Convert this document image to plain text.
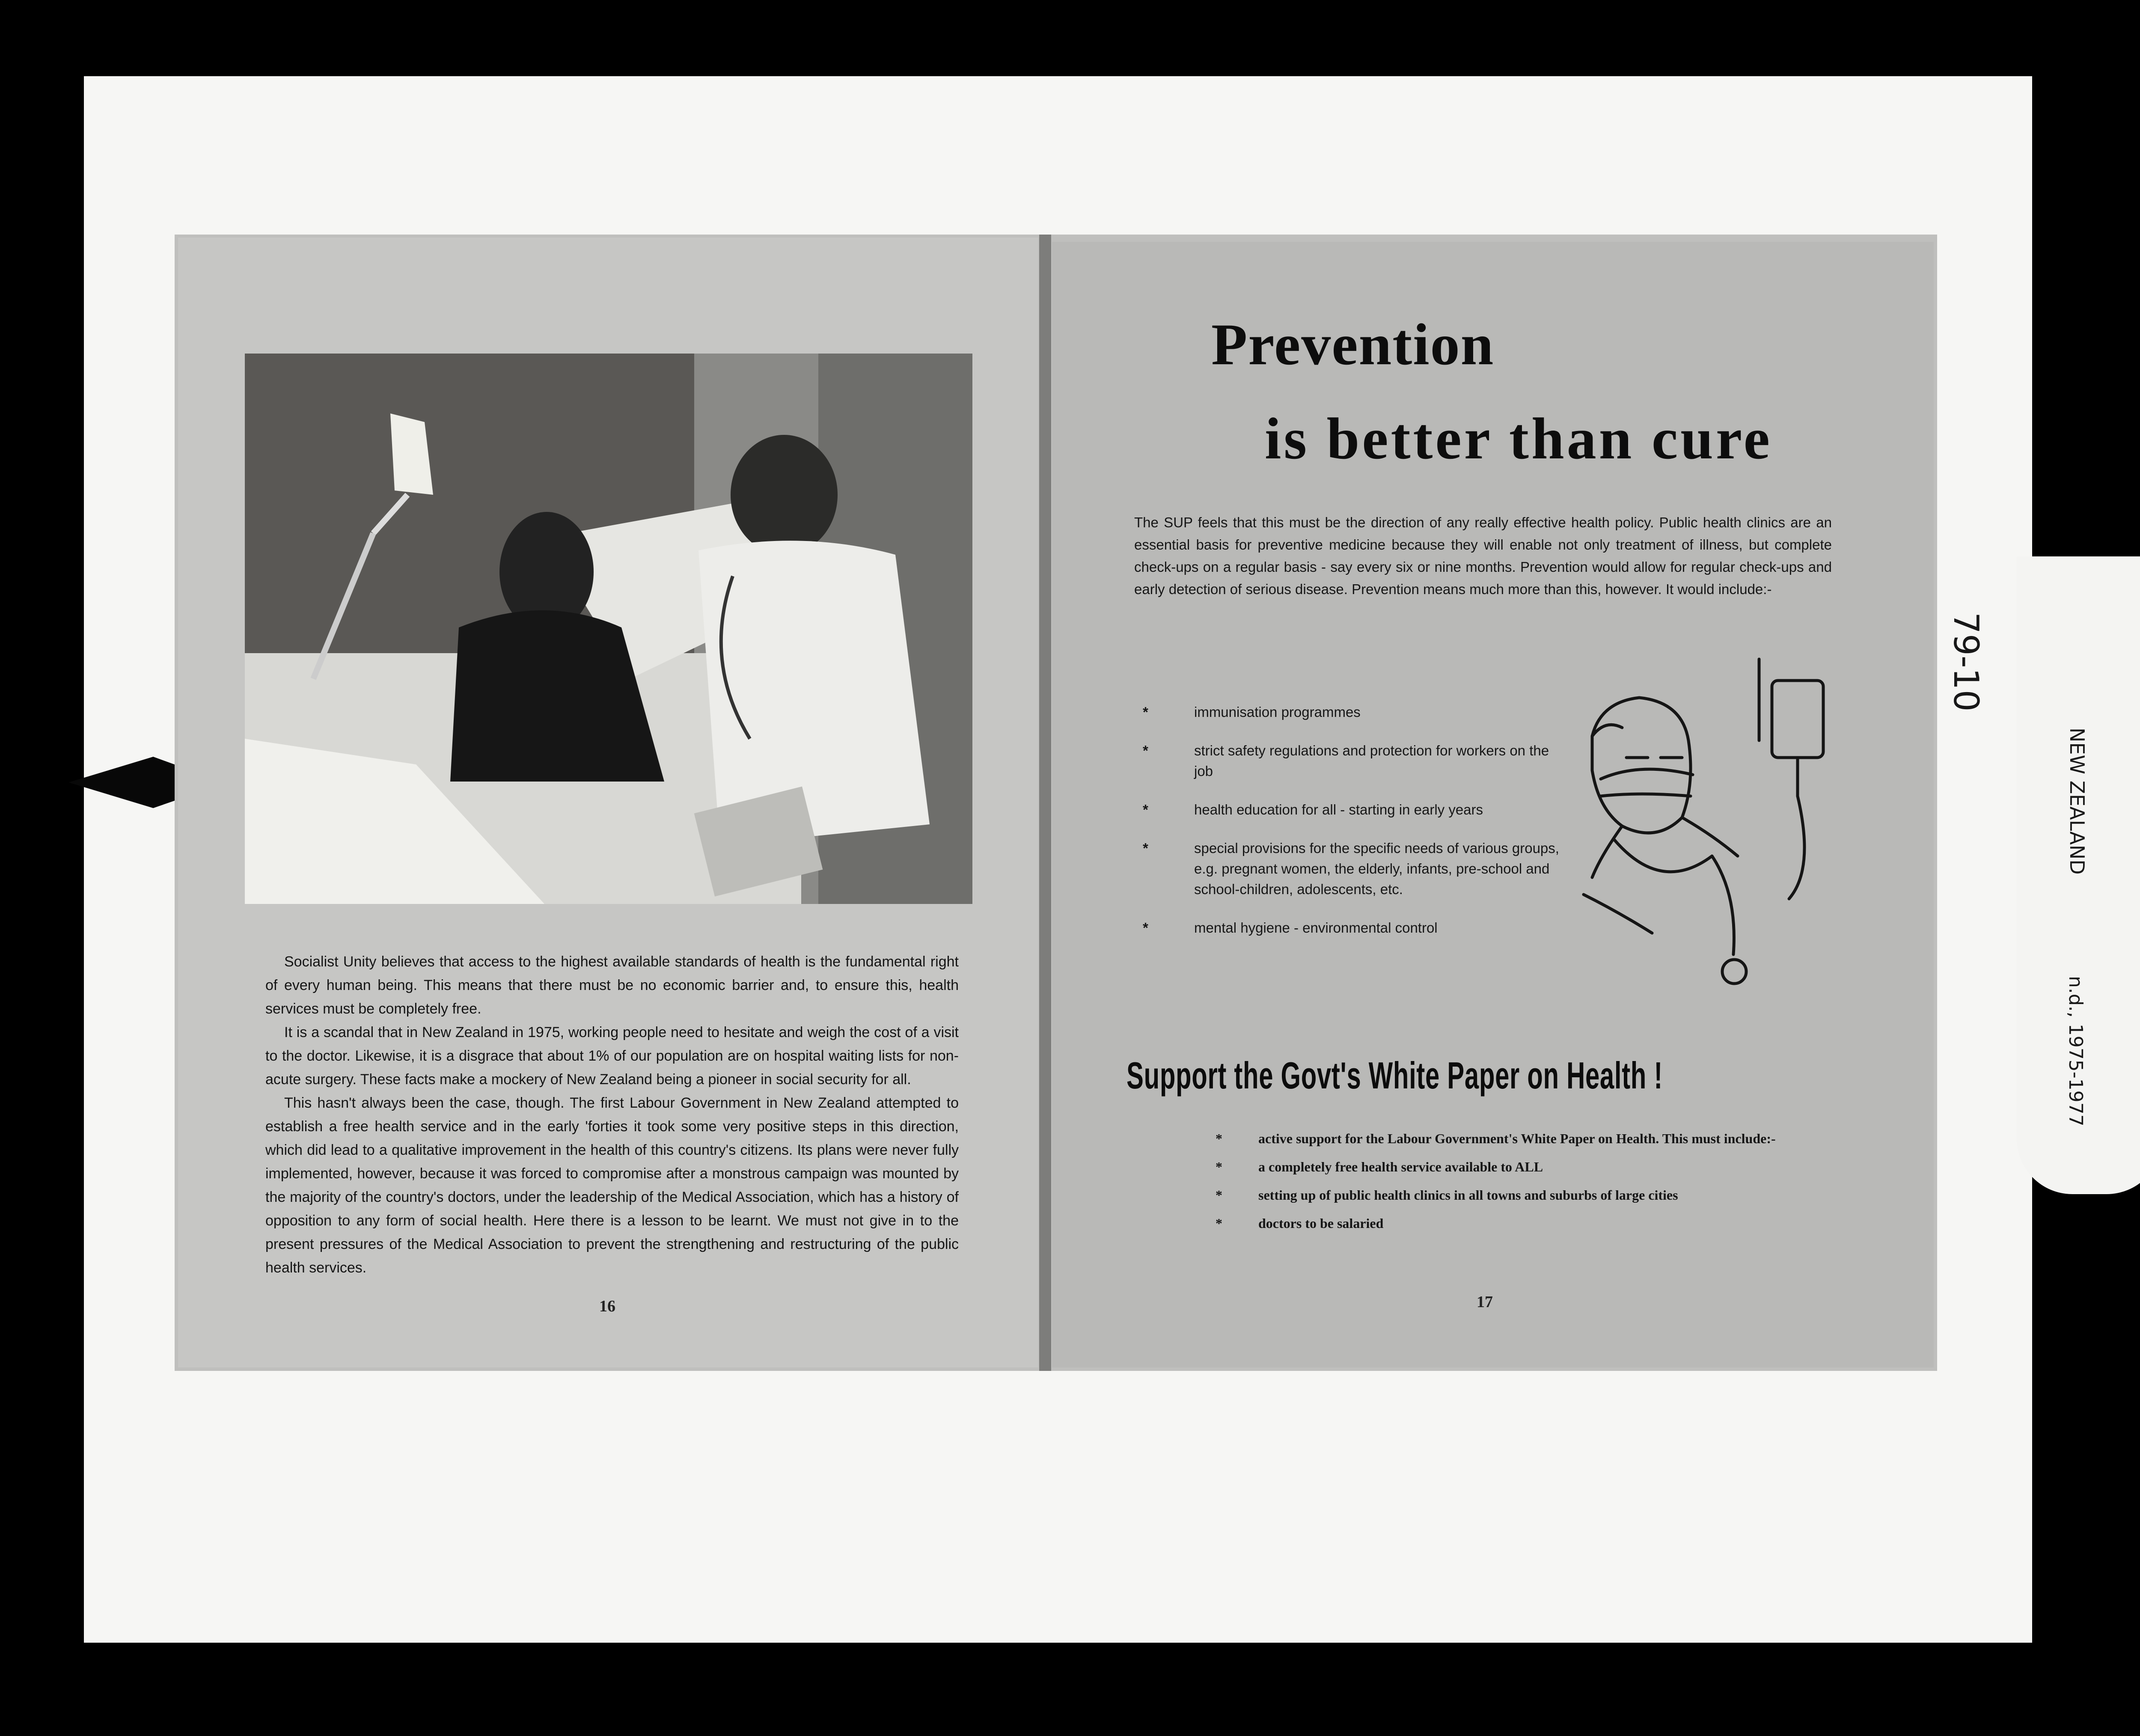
Socialist Unity believes that access to the highest available standards of health is the fundamental right of every human being. This means that there must be no economic barrier and, to ensure this, health services must be completely free.

It is a scandal that in New Zealand in 1975, working people need to hesitate and weigh the cost of a visit to the doctor. Likewise, it is a disgrace that about 1% of our population are on hospital waiting lists for non-acute surgery. These facts make a mockery of New Zealand being a pioneer in social security for all.

This hasn't always been the case, though. The first Labour Government in New Zealand attempted to establish a free health service and in the early 'forties it took some very positive steps in this direction, which did lead to a qualitative improvement in the health of this country's citizens. Its plans were never fully implemented, however, because it was forced to compromise after a monstrous campaign was mounted by the majority of the country's doctors, under the leadership of the Medical Association, which has a history of opposition to any form of social health. Here there is a lesson to be learnt. We must not give in to the present pressures of the Medical Association to prevent the strengthening and restructuring of the public health services.

16
Prevention
is better than cure
The SUP feels that this must be the direction of any really effective health policy. Public health clinics are an essential basis for preventive medicine because they will enable not only treatment of illness, but complete check-ups on a regular basis - say every six or nine months. Prevention would allow for regular check-ups and early detection of serious disease. Prevention means much more than this, however. It would include:-
*	immunisation programmes
*	strict safety regulations and protection for workers on the job
*	health education for all - starting in early years
*	special provisions for the specific needs of various groups, e.g. pregnant women, the elderly, infants, pre-school and school-children, adolescents, etc.
*	mental hygiene - environmental control
Support the Govt's White Paper on Health !
*	active support for the Labour Government's White Paper on Health. This must include:-
*	a completely free health service available to ALL
*	setting up of public health clinics in all towns and suburbs of large cities
*	doctors to be salaried
17
79-10
NEW ZEALAND
n.d., 1975-1977
